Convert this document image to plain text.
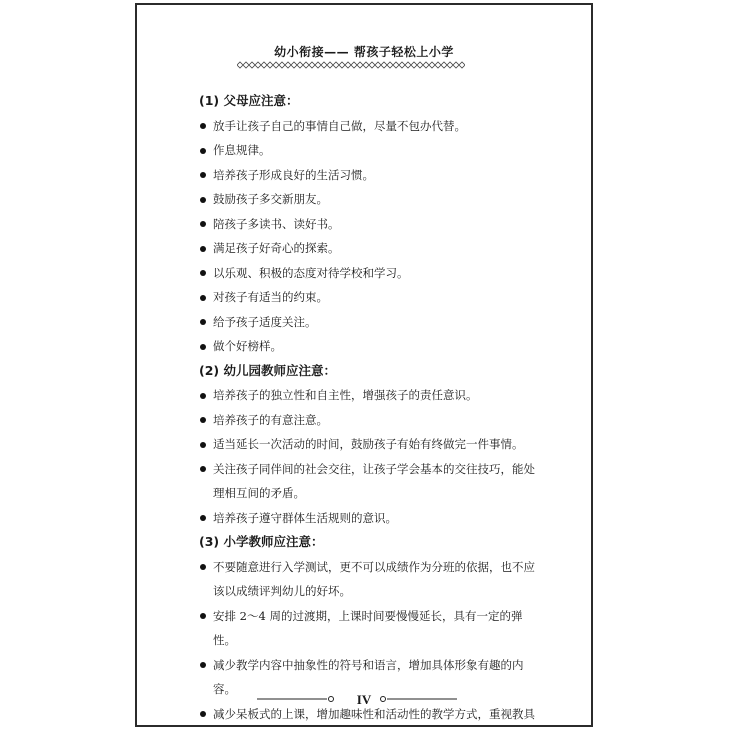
幼小衔接—— 帮孩子轻松上小学
(1) 父母应注意：
放手让孩子自己的事情自己做，尽量不包办代替。
作息规律。
培养孩子形成良好的生活习惯。
鼓励孩子多交新朋友。
陪孩子多读书、读好书。
满足孩子好奇心的探索。
以乐观、积极的态度对待学校和学习。
对孩子有适当的约束。
给予孩子适度关注。
做个好榜样。
(2) 幼儿园教师应注意：
培养孩子的独立性和自主性，增强孩子的责任意识。
培养孩子的有意注意。
适当延长一次活动的时间，鼓励孩子有始有终做完一件事情。
关注孩子同伴间的社会交往，让孩子学会基本的交往技巧，能处
理相互间的矛盾。
培养孩子遵守群体生活规则的意识。
(3) 小学教师应注意：
不要随意进行入学测试，更不可以成绩作为分班的依据，也不应
该以成绩评判幼儿的好坏。
安排 2～4 周的过渡期，上课时间要慢慢延长，具有一定的弹性。
减少教学内容中抽象性的符号和语言，增加具体形象有趣的内容。
减少呆板式的上课，增加趣味性和活动性的教学方式，重视教具
IV
